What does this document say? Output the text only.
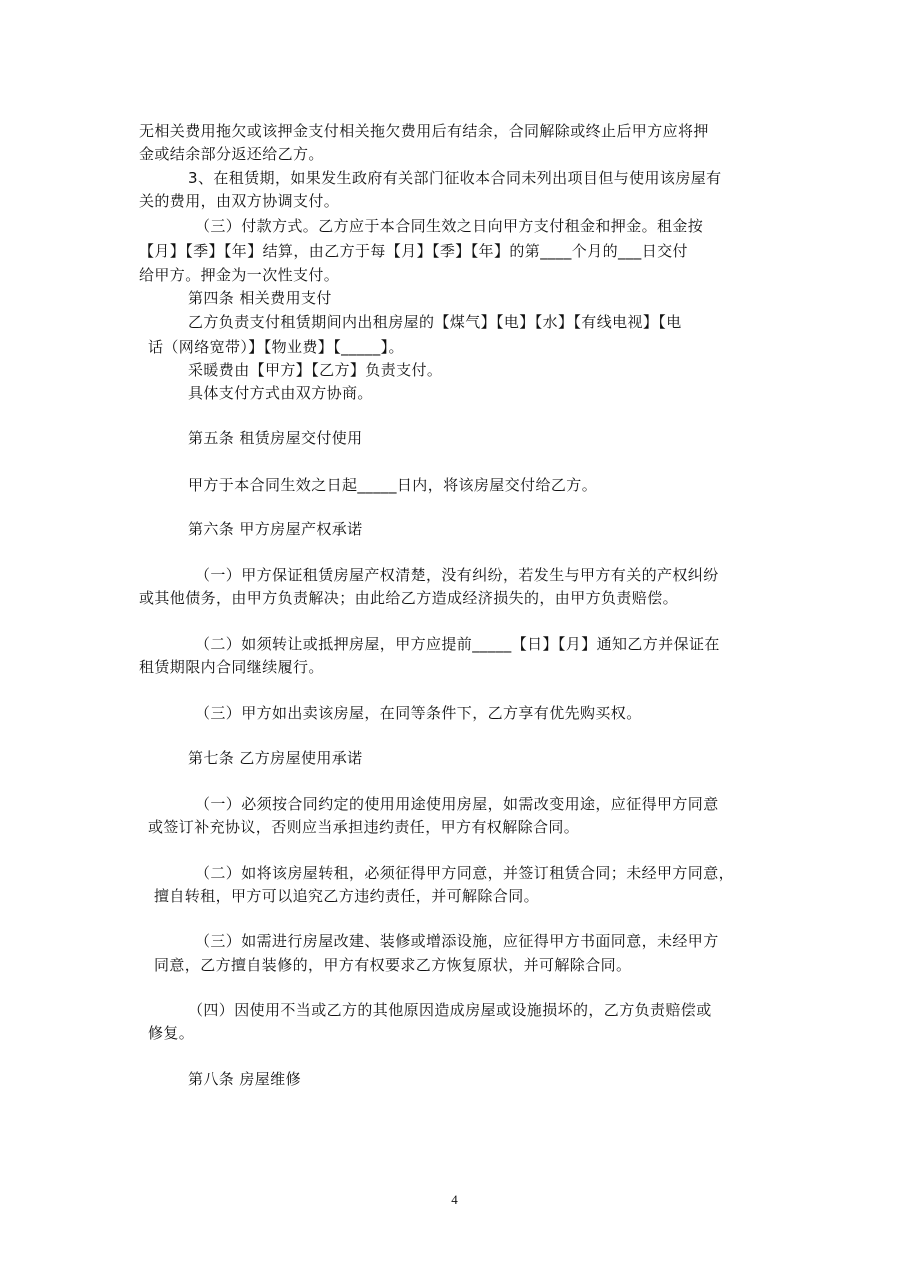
无相关费用拖欠或该押金支付相关拖欠费用后有结余，合同解除或终止后甲方应将押
金或结余部分返还给乙方。
3、在租赁期，如果发生政府有关部门征收本合同未列出项目但与使用该房屋有
关的费用，由双方协调支付。
（三）付款方式。乙方应于本合同生效之日向甲方支付租金和押金。租金按
【月】【季】【年】结算，由乙方于每【月】【季】【年】的第____个月的___日交付
给甲方。押金为一次性支付。
第四条 相关费用支付
乙方负责支付租赁期间内出租房屋的【煤气】【电】【水】【有线电视】【电
话（网络宽带）】【物业费】【_____】。
采暖费由【甲方】【乙方】负责支付。
具体支付方式由双方协商。
第五条 租赁房屋交付使用
甲方于本合同生效之日起_____日内，将该房屋交付给乙方。
第六条 甲方房屋产权承诺
（一）甲方保证租赁房屋产权清楚，没有纠纷，若发生与甲方有关的产权纠纷
或其他债务，由甲方负责解决；由此给乙方造成经济损失的，由甲方负责赔偿。
（二）如须转让或抵押房屋，甲方应提前_____【日】【月】通知乙方并保证在
租赁期限内合同继续履行。
（三）甲方如出卖该房屋，在同等条件下，乙方享有优先购买权。
第七条 乙方房屋使用承诺
（一）必须按合同约定的使用用途使用房屋，如需改变用途，应征得甲方同意
或签订补充协议，否则应当承担违约责任，甲方有权解除合同。
（二）如将该房屋转租，必须征得甲方同意，并签订租赁合同；未经甲方同意，
擅自转租，甲方可以追究乙方违约责任，并可解除合同。
（三）如需进行房屋改建、装修或增添设施，应征得甲方书面同意，未经甲方
同意，乙方擅自装修的，甲方有权要求乙方恢复原状，并可解除合同。
（四）因使用不当或乙方的其他原因造成房屋或设施损坏的，乙方负责赔偿或
修复。
第八条 房屋维修
4
